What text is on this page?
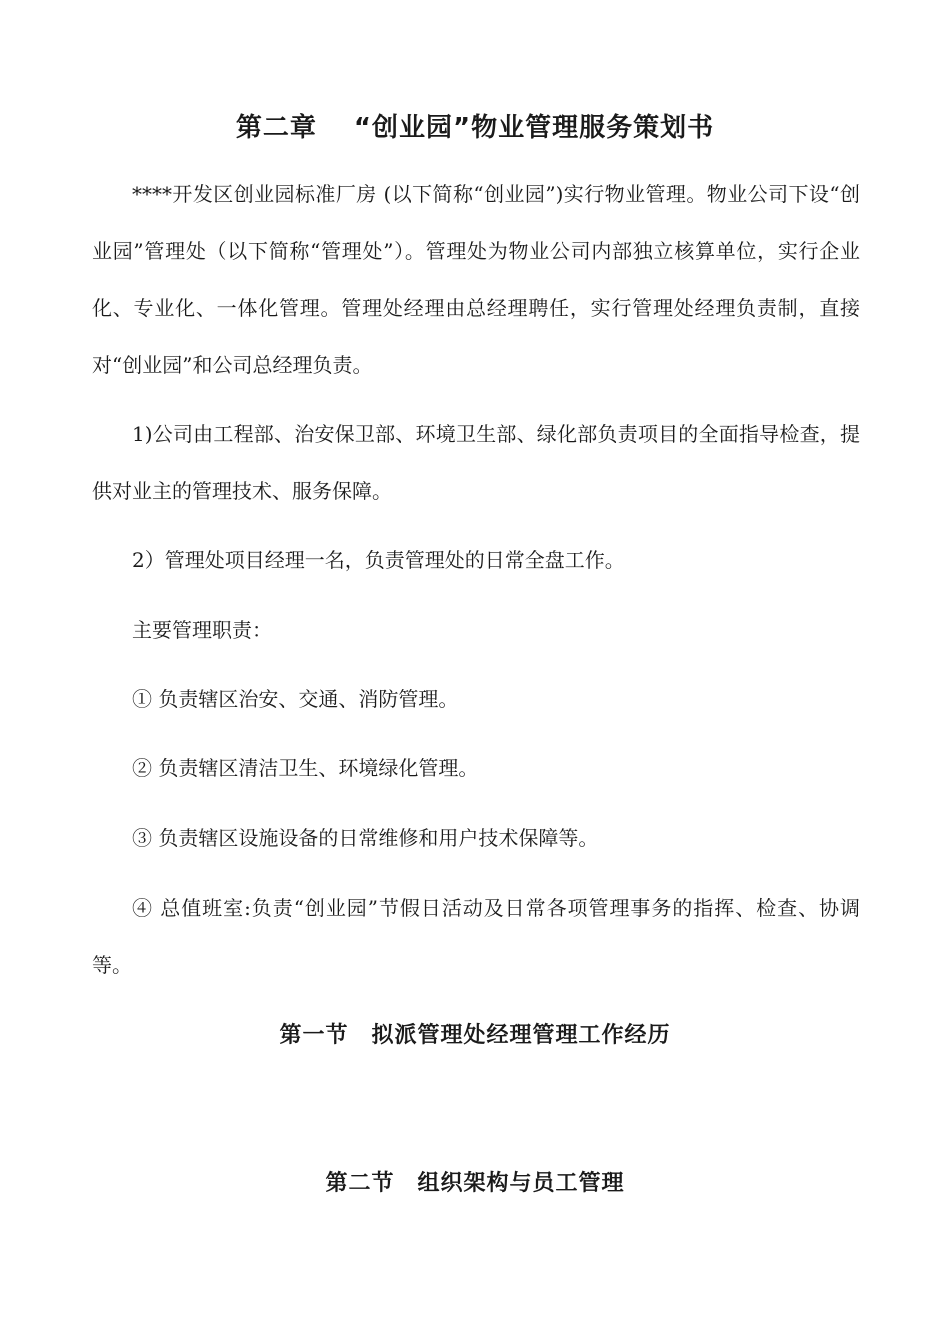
第二章　 “创业园”物业管理服务策划书

****开发区创业园标准厂房 (以下简称“创业园”)实行物业管理。物业公司下设“创业园”管理处（以下简称“管理处”）。管理处为物业公司内部独立核算单位，实行企业化、专业化、一体化管理。管理处经理由总经理聘任，实行管理处经理负责制，直接对“创业园”和公司总经理负责。

1)公司由工程部、治安保卫部、环境卫生部、绿化部负责项目的全面指导检查，提供对业主的管理技术、服务保障。

2）管理处项目经理一名，负责管理处的日常全盘工作。

主要管理职责：

① 负责辖区治安、交通、消防管理。

② 负责辖区清洁卫生、环境绿化管理。

③ 负责辖区设施设备的日常维修和用户技术保障等。

④ 总值班室:负责“创业园”节假日活动及日常各项管理事务的指挥、检查、协调等。

第一节　拟派管理处经理管理工作经历
第二节　组织架构与员工管理
